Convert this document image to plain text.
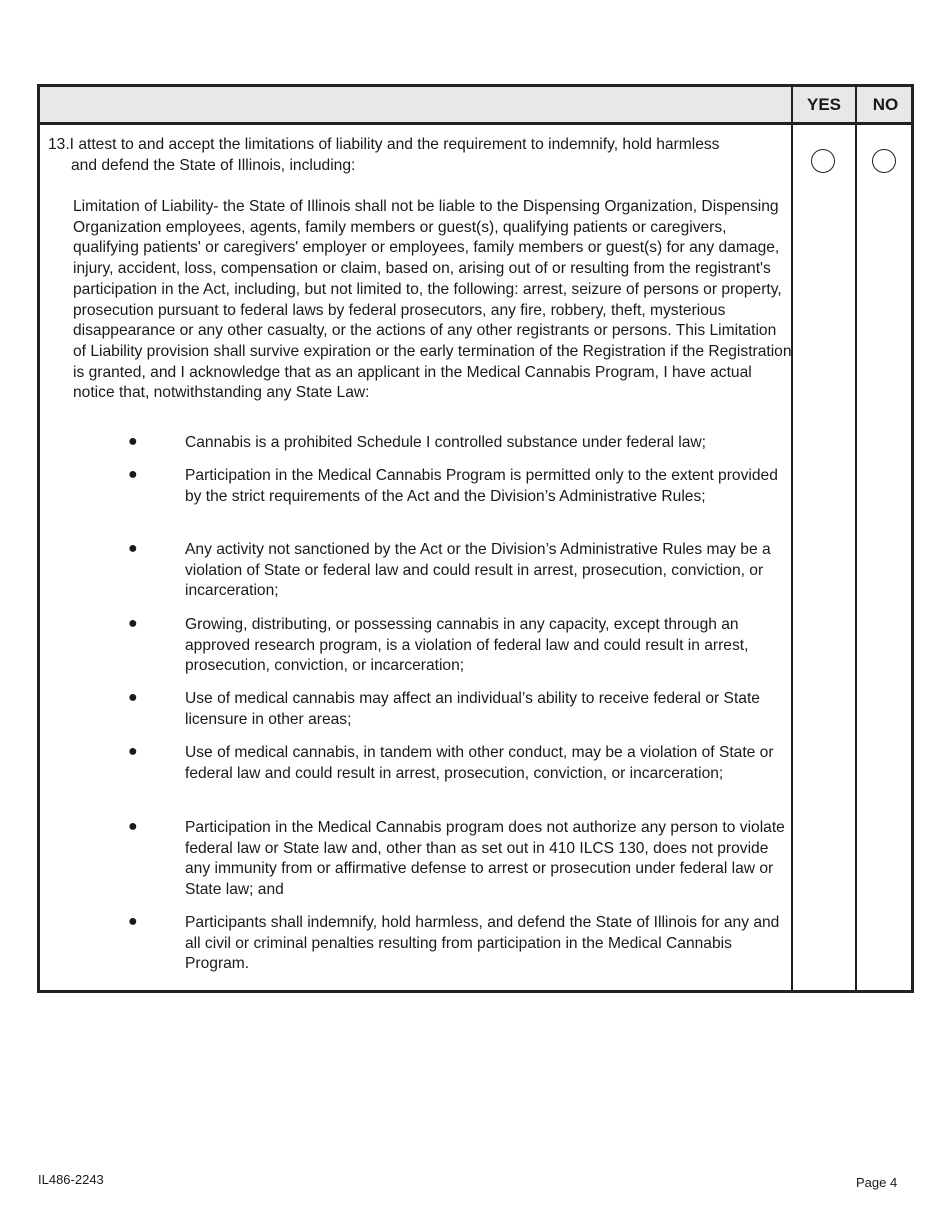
YES	NO
13.I attest to and accept the limitations of liability and the requirement to indemnify, hold harmless
and defend the State of Illinois, including:
Limitation of Liability- the State of Illinois shall not be liable to the Dispensing Organization, Dispensing Organization employees, agents, family members or guest(s), qualifying patients or caregivers, qualifying patients' or caregivers' employer or employees, family members or guest(s) for any damage, injury, accident, loss, compensation or claim, based on, arising out of or resulting from the registrant's participation in the Act, including, but not limited to, the following: arrest, seizure of persons or property, prosecution pursuant to federal laws by federal prosecutors, any fire, robbery, theft, mysterious disappearance or any other casualty, or the actions of any other registrants or persons. This Limitation of Liability provision shall survive expiration or the early termination of the Registration if the Registration is granted, and I acknowledge that as an applicant in the Medical Cannabis Program, I have actual notice that, notwithstanding any State Law:
●	Cannabis is a prohibited Schedule I controlled substance under federal law;
●	Participation in the Medical Cannabis Program is permitted only to the extent provided by the strict requirements of the Act and the Division’s Administrative Rules;
●	Any activity not sanctioned by the Act or the Division’s Administrative Rules may be a violation of State or federal law and could result in arrest, prosecution, conviction, or incarceration;
●	Growing, distributing, or possessing cannabis in any capacity, except through an approved research program, is a violation of federal law and could result in arrest, prosecution, conviction, or incarceration;
●	Use of medical cannabis may affect an individual’s ability to receive federal or State licensure in other areas;
●	Use of medical cannabis, in tandem with other conduct, may be a violation of State or federal law and could result in arrest, prosecution, conviction, or incarceration;
●	Participation in the Medical Cannabis program does not authorize any person to violate federal law or State law and, other than as set out in 410 ILCS 130, does not provide any immunity from or affirmative defense to arrest or prosecution under federal law or State law; and
●	Participants shall indemnify, hold harmless, and defend the State of Illinois for any and all civil or criminal penalties resulting from participation in the Medical Cannabis Program.
IL486-2243	Page 4
